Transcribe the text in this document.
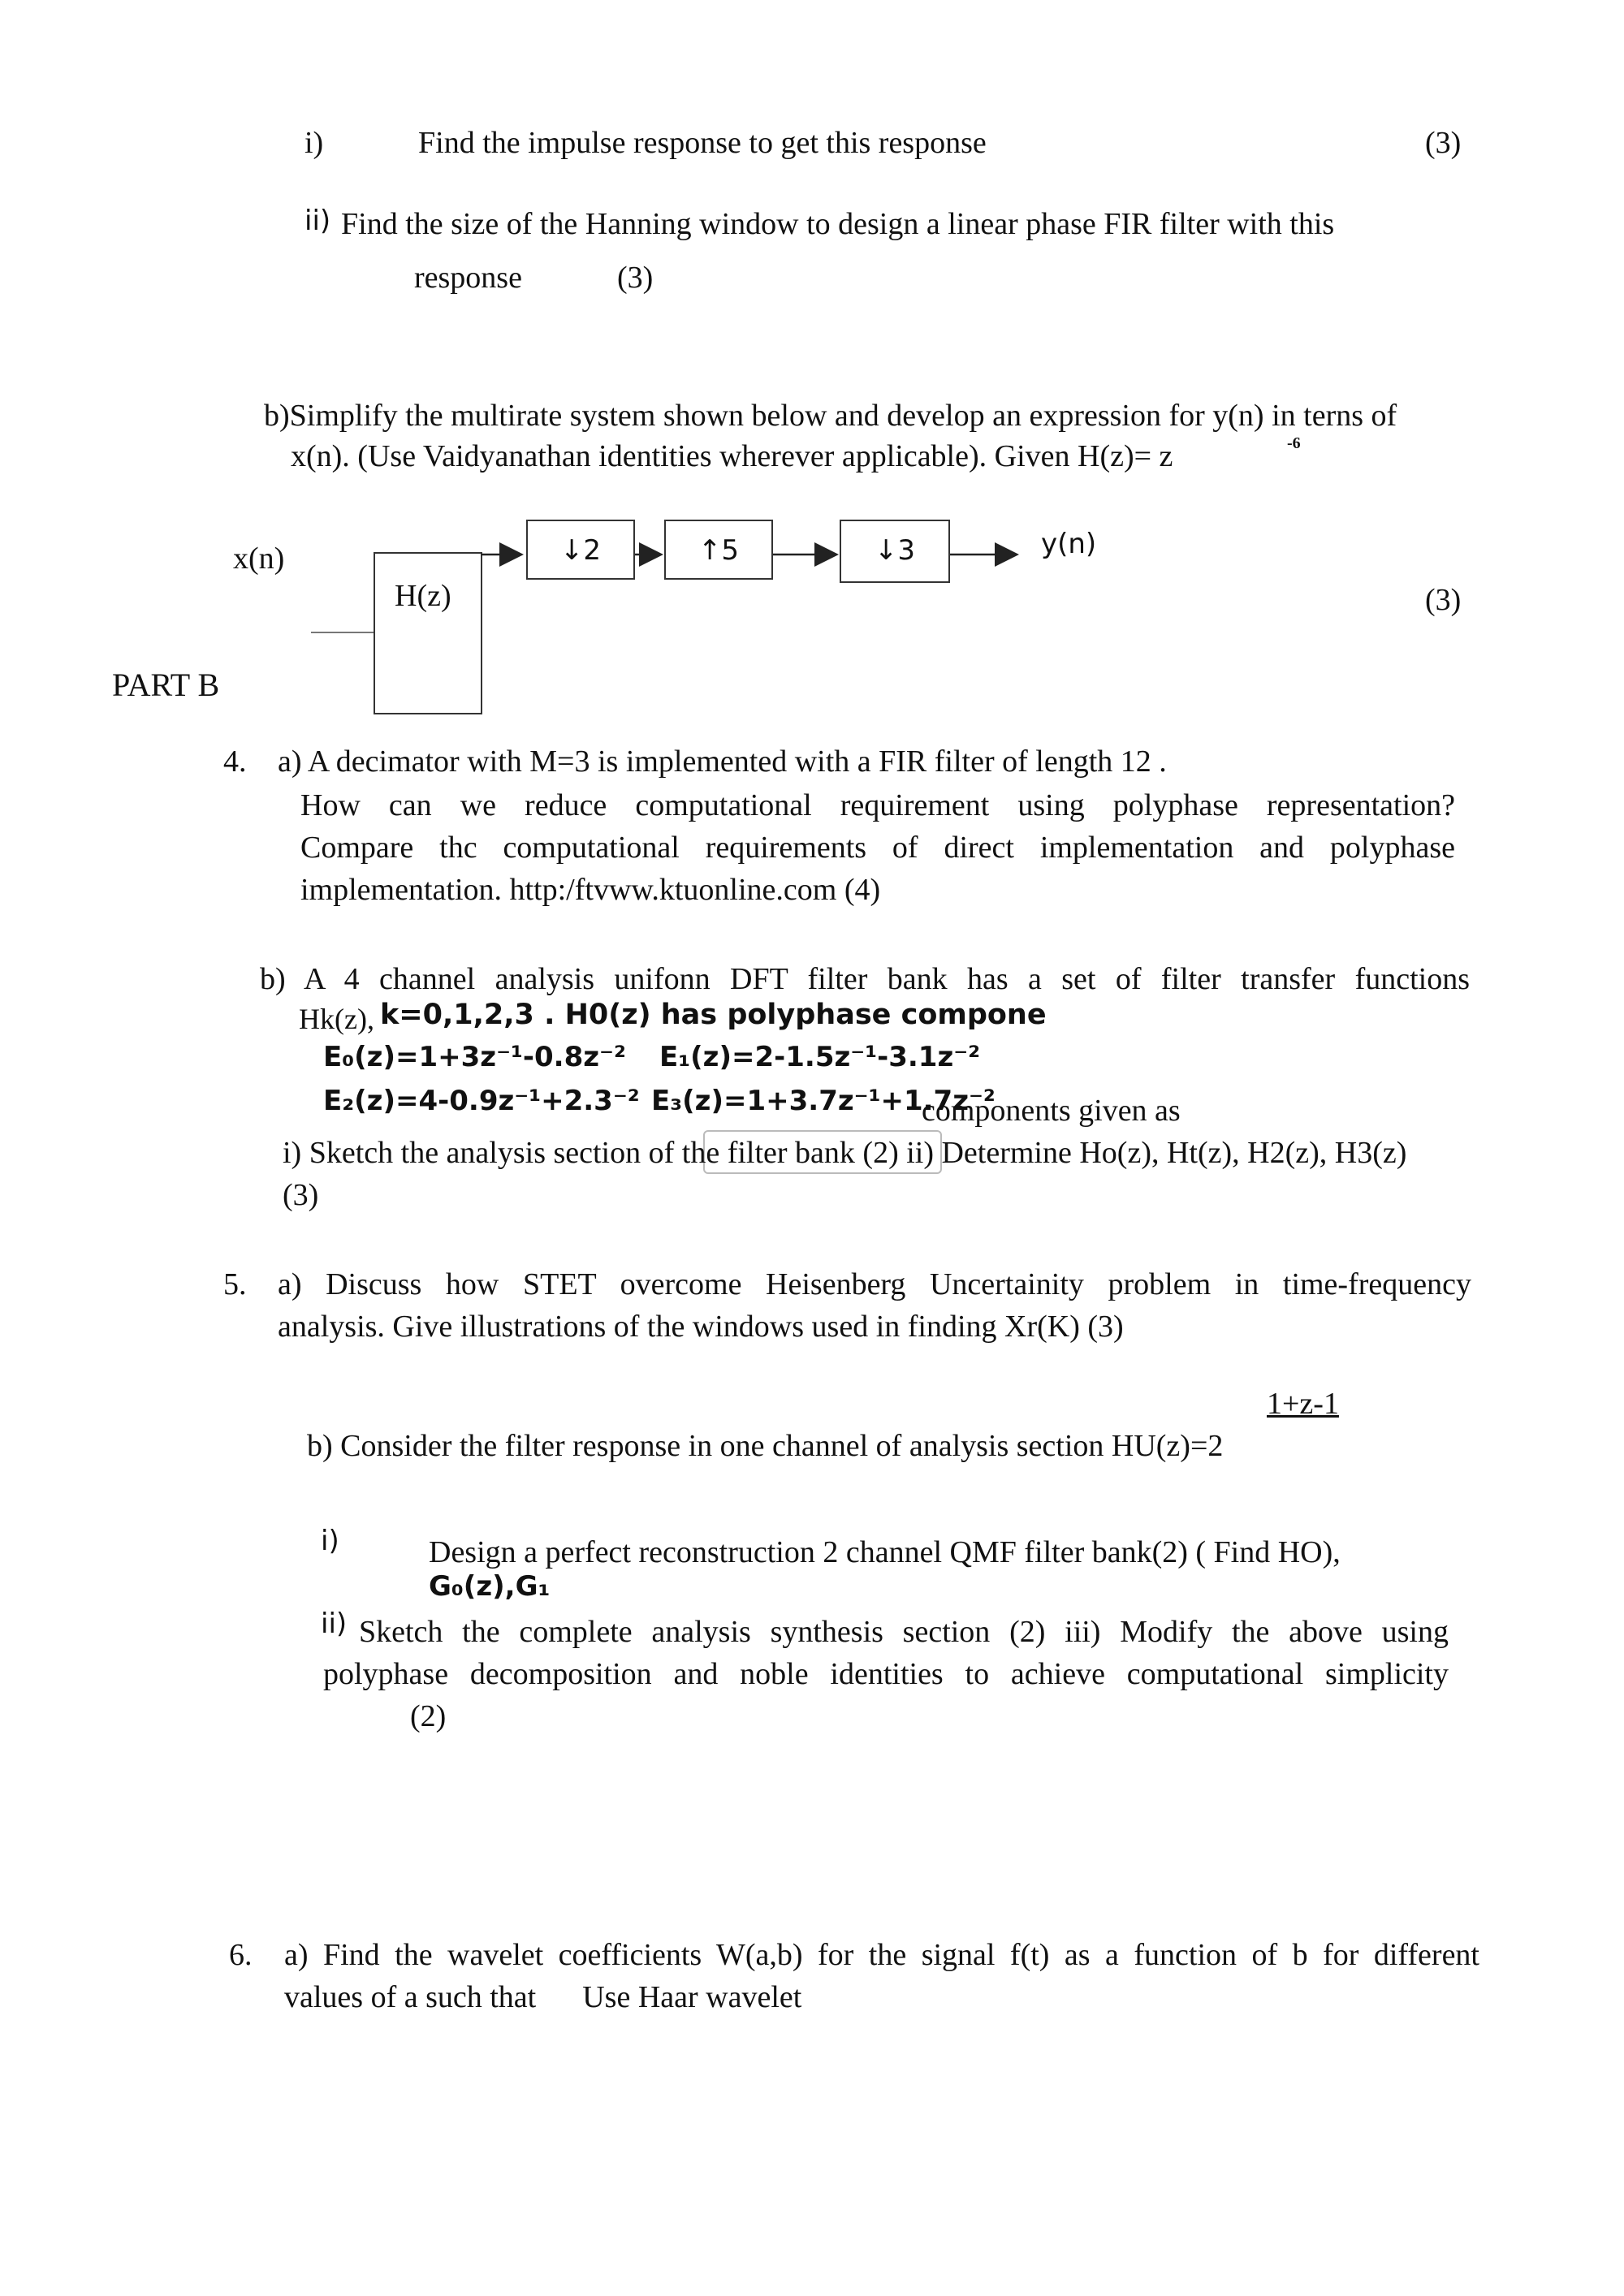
i)	Find the impulse response to get this response	(3)
ii) Find the size of the Hanning window to design a linear phase FIR filter with this
response	(3)
b)Simplify the multirate system shown below and develop an expression for y(n) in terns of
x(n). (Use Vaidyanathan identities wherever applicable). Given H(z)= z	-6
x(n)
H(z)
↓2	↑5	↓3	y(n)
(3)
PART B
4. a) A decimator with M=3 is implemented with a FIR filter of length 12 .
How can we reduce computational requirement using polyphase representation?
Compare thc computational requirements of direct implementation and polyphase
implementation. http:/ftvww.ktuonline.com (4)
b) A 4 channel analysis unifonn DFT filter bank has a set of filter transfer functions
Hk(z), k=0,1,2,3 . H0(z) has polyphase compone
E₀(z)=1+3z⁻¹-0.8z⁻² E₁(z)=2-1.5z⁻¹-3.1z⁻²
E₂(z)=4-0.9z⁻¹+2.3⁻² E₃(z)=1+3.7z⁻¹+1.7z⁻²
components given as
i) Sketch the analysis section of the filter bank (2) ii) Determine Ho(z), Ht(z), H2(z), H3(z)
(3)
5. a) Discuss how STET overcome Heisenberg Uncertainity problem in time-frequency
analysis. Give illustrations of the windows used in finding Xr(K) (3)
1+z-1
b) Consider the filter response in one channel of analysis section HU(z)=2
i)	Design a perfect reconstruction 2 channel QMF filter bank(2) ( Find HO),
G₀(z),G₁
ii) Sketch the complete analysis synthesis section (2) iii) Modify the above using
polyphase decomposition and noble identities to achieve computational simplicity
(2)
6. a) Find the wavelet coefficients W(a,b) for the signal f(t) as a function of b for different
values of a such that      Use Haar wavelet
